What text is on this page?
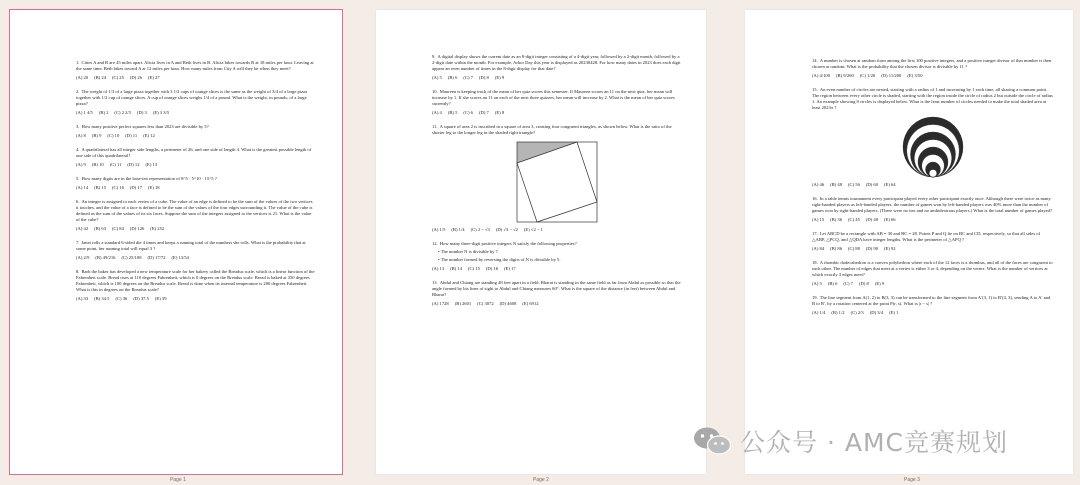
1. Cities A and B are 45 miles apart. Alicia lives in A and Beth lives in B. Alicia bikes towards B at 18 miles per hour. Leaving at the same time, Beth bikes toward A at 12 miles per hour. How many miles from City A will they be when they meet?
(A) 20 (B) 24 (C) 25 (D) 26 (E) 27
2. The weight of 1/3 of a large pizza together with 3 1/2 cups of orange slices is the same as the weight of 3/4 of a large pizza together with 1/2 cup of orange slices. A cup of orange slices weighs 1/4 of a pound. What is the weight, in pounds, of a large pizza?
(A) 1 4/5 (B) 2 (C) 2 2/5 (D) 3 (E) 3 3/5
3. How many positive perfect squares less than 2023 are divisible by 5?
(A) 8 (B) 9 (C) 10 (D) 11 (E) 12
4. A quadrilateral has all integer side lengths, a perimeter of 26, and one side of length 4. What is the greatest possible length of one side of this quadrilateral?
(A) 9 (B) 10 (C) 11 (D) 12 (E) 13
5. How many digits are in the base-ten representation of 8^5 · 5^10 · 15^5 ?
(A) 14 (B) 15 (C) 16 (D) 17 (E) 18
6. An integer is assigned to each vertex of a cube. The value of an edge is defined to be the sum of the values of the two vertices it touches, and the value of a face is defined to be the sum of the values of the four edges surrounding it. The value of the cube is defined as the sum of the values of its six faces. Suppose the sum of the integers assigned to the vertices is 21. What is the value of the cube?
(A) 42 (B) 63 (C) 84 (D) 126 (E) 252
7. Janet rolls a standard 6-sided die 4 times and keeps a running total of the numbers she rolls. What is the probability that at some point, her running total will equal 3 ?
(A) 2/9 (B) 49/216 (C) 25/108 (D) 17/72 (E) 13/54
8. Barb the baker has developed a new temperature scale for her bakery called the Breadus scale, which is a linear function of the Fahrenheit scale. Bread rises at 110 degrees Fahrenheit, which is 0 degrees on the Breadus scale. Bread is baked at 350 degrees Fahrenheit, which is 100 degrees on the Breadus scale. Bread is done when its internal temperature is 200 degrees Fahrenheit. What is this in degrees on the Breadus scale?
(A) 33 (B) 34.5 (C) 36 (D) 37.5 (E) 39
9. A digital display shows the current date as an 8-digit integer consisting of a 4-digit year, followed by a 2-digit month, followed by a 2-digit date within the month. For example, Arbor Day this year is displayed as 20230428. For how many dates in 2023 does each digit appear an even number of times in the 8-digit display for that date?
(A) 5 (B) 6 (C) 7 (D) 8 (E) 9
10. Maureen is keeping track of the mean of her quiz scores this semester. If Maureen scores an 11 on the next quiz, her mean will increase by 1. If she scores an 11 on each of the next three quizzes, her mean will increase by 2. What is the mean of her quiz scores currently?
(A) 4 (B) 5 (C) 6 (D) 7 (E) 8
11. A square of area 2 is inscribed in a square of area 3, creating four congruent triangles, as shown below. What is the ratio of the shorter leg to the longer leg in the shaded right triangle?
(A) 1/5 (B) 1/4 (C) 2 − √3 (D) √3 − √2 (E) √2 − 1
12. How many three-digit positive integers N satisfy the following properties?
• The number N is divisible by 7.
• The number formed by reversing the digits of N is divisible by 5.
(A) 13 (B) 14 (C) 15 (D) 16 (E) 17
13. Abdul and Chiang are standing 48 feet apart in a field. Bharat is standing in the same field as far from Abdul as possible so that the angle formed by his lines of sight to Abdul and Chiang measures 60°. What is the square of the distance (in feet) between Abdul and Bharat?
(A) 1728 (B) 2601 (C) 3072 (D) 4608 (E) 6912
14. A number is chosen at random from among the first 100 positive integers, and a positive integer divisor of that number is then chosen at random. What is the probability that the chosen divisor is divisible by 11 ?
(A) 4/100 (B) 9/200 (C) 1/20 (D) 11/200 (E) 3/50
15. An even number of circles are nested, starting with a radius of 1 and increasing by 1 each time, all sharing a common point. The region between every other circle is shaded, starting with the region inside the circle of radius 2 but outside the circle of radius 1. An example showing 8 circles is displayed below. What is the least number of circles needed to make the total shaded area at least 2023π ?
(A) 46 (B) 48 (C) 56 (D) 60 (E) 64
16. In a table tennis tournament every participant played every other participant exactly once. Although there were twice as many right-handed players as left-handed players, the number of games won by left-handed players was 40% more than the number of games won by right-handed players. (There were no ties and no ambidextrous players.) What is the total number of games played?
(A) 15 (B) 36 (C) 45 (D) 48 (E) 66
17. Let ABCD be a rectangle with AB = 30 and BC = 28. Points P and Q lie on BC and CD, respectively, so that all sides of △ABP, △PCQ, and △QDA have integer lengths. What is the perimeter of △APQ ?
(A) 84 (B) 86 (C) 88 (D) 90 (E) 92
18. A rhombic dodecahedron is a convex polyhedron where each of the 12 faces is a rhombus, and all of the faces are congruent to each other. The number of edges that meet at a vertex is either 3 or 4, depending on the vertex. What is the number of vertices at which exactly 3 edges meet?
(A) 5 (B) 6 (C) 7 (D) 8 (E) 9
19. The line segment from A(1, 2) to B(3, 3) can be transformed to the line segment from A′(3, 1) to B′(4, 3), sending A to A′ and B to B′, by a rotation centered at the point P(r, s). What is |r − s| ?
(A) 1/4 (B) 1/2 (C) 2/3 (D) 3/4 (E) 1
Page 1	Page 2	Page 3
公众号 · AMC竞赛规划
